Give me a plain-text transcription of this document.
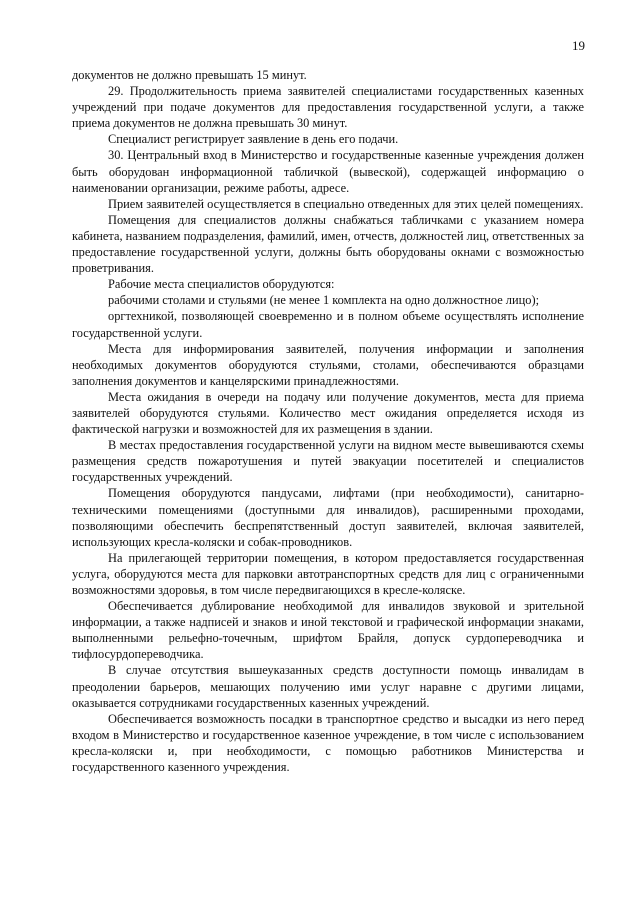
19

документов не должно превышать 15 минут.

29. Продолжительность приема заявителей специалистами государственных казенных учреждений при подаче документов для предоставления государственной услуги, а также приема документов не должна превышать 30 минут.

Специалист регистрирует заявление в день его подачи.

30. Центральный вход в Министерство и государственные казенные учреждения должен быть оборудован информационной табличкой (вывеской), содержащей информацию о наименовании организации, режиме работы, адресе.

Прием заявителей осуществляется в специально отведенных для этих целей помещениях.

Помещения для специалистов должны снабжаться табличками с указанием номера кабинета, названием подразделения, фамилий, имен, отчеств, должностей лиц, ответственных за предоставление государственной услуги, должны быть оборудованы окнами с возможностью проветривания.

Рабочие места специалистов оборудуются:

рабочими столами и стульями (не менее 1 комплекта на одно должностное лицо);

оргтехникой, позволяющей своевременно и в полном объеме осуществлять исполнение государственной услуги.

Места для информирования заявителей, получения информации и заполнения необходимых документов оборудуются стульями, столами, обеспечиваются образцами заполнения документов и канцелярскими принадлежностями.

Места ожидания в очереди на подачу или получение документов, места для приема заявителей оборудуются стульями. Количество мест ожидания определяется исходя из фактической нагрузки и возможностей для их размещения в здании.

В местах предоставления государственной услуги на видном месте вывешиваются схемы размещения средств пожаротушения и путей эвакуации посетителей и специалистов государственных учреждений.

Помещения оборудуются пандусами, лифтами (при необходимости), санитарно-техническими помещениями (доступными для инвалидов), расширенными проходами, позволяющими обеспечить беспрепятственный доступ заявителей, включая заявителей, использующих кресла-коляски и собак-проводников.

На прилегающей территории помещения, в котором предоставляется государственная услуга, оборудуются места для парковки автотранспортных средств для лиц с ограниченными возможностями здоровья, в том числе передвигающихся в кресле-коляске.

Обеспечивается дублирование необходимой для инвалидов звуковой и зрительной информации, а также надписей и знаков и иной текстовой и графической информации знаками, выполненными рельефно-точечным, шрифтом Брайля, допуск сурдопереводчика и тифлосурдопереводчика.

В случае отсутствия вышеуказанных средств доступности помощь инвалидам в преодолении барьеров, мешающих получению ими услуг наравне с другими лицами, оказывается сотрудниками государственных казенных учреждений.

Обеспечивается возможность посадки в транспортное средство и высадки из него перед входом в Министерство и государственное казенное учреждение, в том числе с использованием кресла-коляски и, при необходимости, с помощью работников Министерства и государственного казенного учреждения.
